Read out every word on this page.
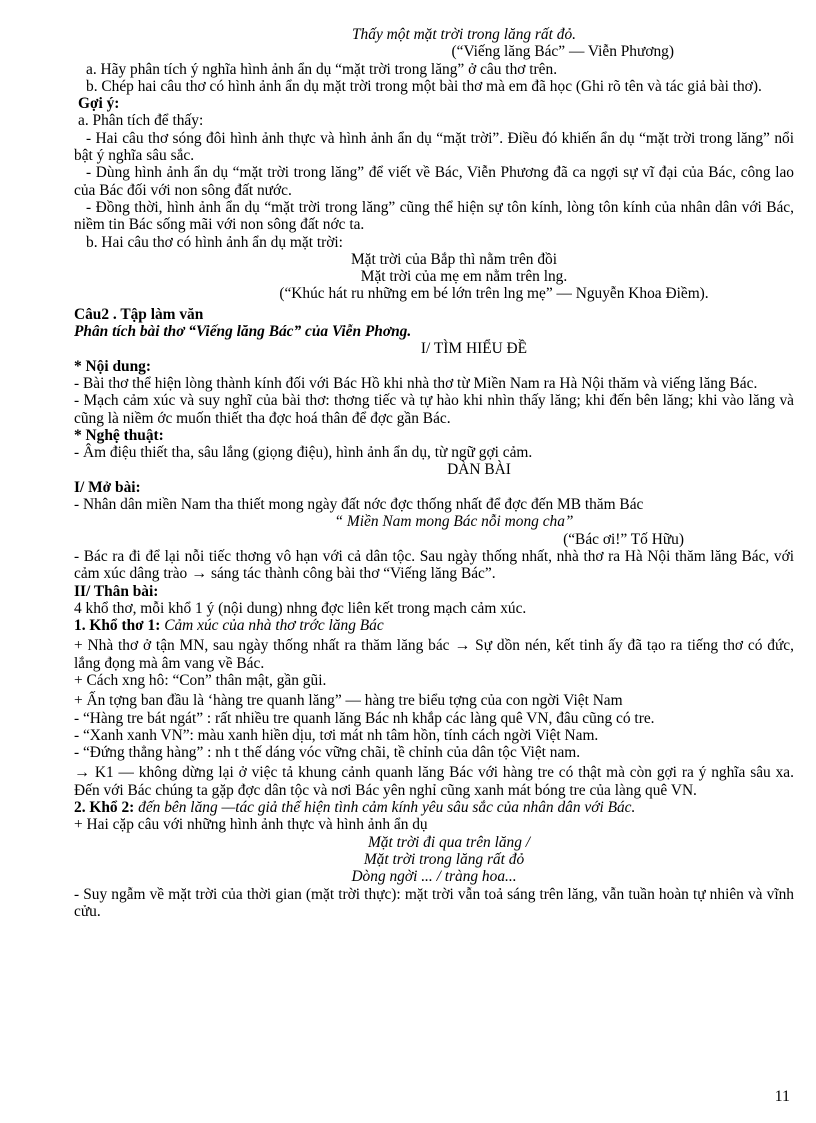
Thấy một mặt trời trong lăng rất đỏ.

(“Viếng lăng Bác” — Viễn Phương)

a. Hãy phân tích ý nghĩa hình ảnh ẩn dụ “mặt trời trong lăng” ở câu thơ trên.

b. Chép hai câu thơ có hình ảnh ẩn dụ mặt trời trong một bài thơ mà em đã học (Ghi rõ tên và tác giả bài thơ).

Gợi ý:

a. Phân tích để thấy:

- Hai câu thơ sóng đôi hình ảnh thực và hình ảnh ẩn dụ “mặt trời”. Điều đó khiến ẩn dụ “mặt trời trong lăng” nổi bật ý nghĩa sâu sắc.

- Dùng hình ảnh ẩn dụ “mặt trời trong lăng” để viết về Bác, Viễn Phương đã ca ngợi sự vĩ đại của Bác, công lao của Bác đối với non sông đất nước.

- Đồng thời, hình ảnh ẩn dụ “mặt trời trong lăng” cũng thể hiện sự tôn kính, lòng tôn kính của nhân dân với Bác, niềm tin Bác sống mãi với non sông đất nớc ta.

b. Hai câu thơ có hình ảnh ẩn dụ mặt trời:

Mặt trời của Bắp thì nằm trên đồi

Mặt trời của mẹ em nằm trên lng.

(“Khúc hát ru những em bé lớn trên lng mẹ” — Nguyễn Khoa Điềm).

Câu2 . Tập làm văn

Phân tích bài thơ “Viếng lăng Bác” của Viễn Phơng.

I/ TÌM HIỂU ĐỀ

* Nội dung:

- Bài thơ thể hiện lòng thành kính đối với Bác Hồ khi nhà thơ từ Miền Nam ra Hà Nội thăm và viếng lăng Bác.

- Mạch cảm xúc và suy nghĩ của bài thơ: thơng tiếc và tự hào khi nhìn thấy lăng; khi đến bên lăng; khi vào lăng và cũng là niềm ớc muốn thiết tha đợc hoá thân để đợc gần Bác.

* Nghệ thuật:

- Âm điệu thiết tha, sâu lắng (giọng điệu), hình ảnh ẩn dụ, từ ngữ gợi cảm.

DÀN BÀI

I/ Mở bài:

- Nhân dân miền Nam tha thiết mong ngày đất nớc đợc thống nhất để đợc đến MB thăm Bác

“ Miền Nam mong Bác nỗi mong cha”

(“Bác ơi!” Tố Hữu)

- Bác ra đi để lại nỗi tiếc thơng vô hạn với cả dân tộc. Sau ngày thống nhất, nhà thơ ra Hà Nội thăm lăng Bác, với cảm xúc dâng trào → sáng tác thành công bài thơ “Viếng lăng Bác”.

II/ Thân bài:

4 khổ thơ, mỗi khổ 1 ý (nội dung) nhng đợc liên kết trong mạch cảm xúc.

1. Khổ thơ 1: Cảm xúc của nhà thơ trớc lăng Bác

+ Nhà thơ ở tận MN, sau ngày thống nhất ra thăm lăng bác → Sự dồn nén, kết tinh ấy đã tạo ra tiếng thơ có đức, lắng đọng mà âm vang về Bác.

+ Cách xng hô: “Con” thân mật, gần gũi.

+ Ấn tợng ban đầu là ‘hàng tre quanh lăng” — hàng tre biểu tợng của con ngời Việt Nam

- “Hàng tre bát ngát” : rất nhiều tre quanh lăng Bác nh khắp các làng quê VN, đâu cũng có tre.

- “Xanh xanh VN”: màu xanh hiền dịu, tơi mát nh tâm hồn, tính cách ngời Việt Nam.

- “Đứng thẳng hàng” : nh t thế dáng vóc vững chãi, tề chỉnh của dân tộc Việt nam.

→ K1 — không dừng lại ở việc tả khung cảnh quanh lăng Bác với hàng tre có thật mà còn gợi ra ý nghĩa sâu xa. Đến với Bác chúng ta gặp đợc dân tộc và nơi Bác yên nghỉ cũng xanh mát bóng tre của làng quê VN.

2. Khổ 2: đến bên lăng —tác giả thể hiện tình cảm kính yêu sâu sắc của nhân dân với Bác.

+ Hai cặp câu với những hình ảnh thực và hình ảnh ẩn dụ

Mặt trời đi qua trên lăng /

Mặt trời trong lăng rất đỏ

Dòng ngời ... / tràng hoa...

- Suy ngẫm về mặt trời của thời gian (mặt trời thực): mặt trời vẫn toả sáng trên lăng, vẫn tuần hoàn tự nhiên và vĩnh cửu.

11
